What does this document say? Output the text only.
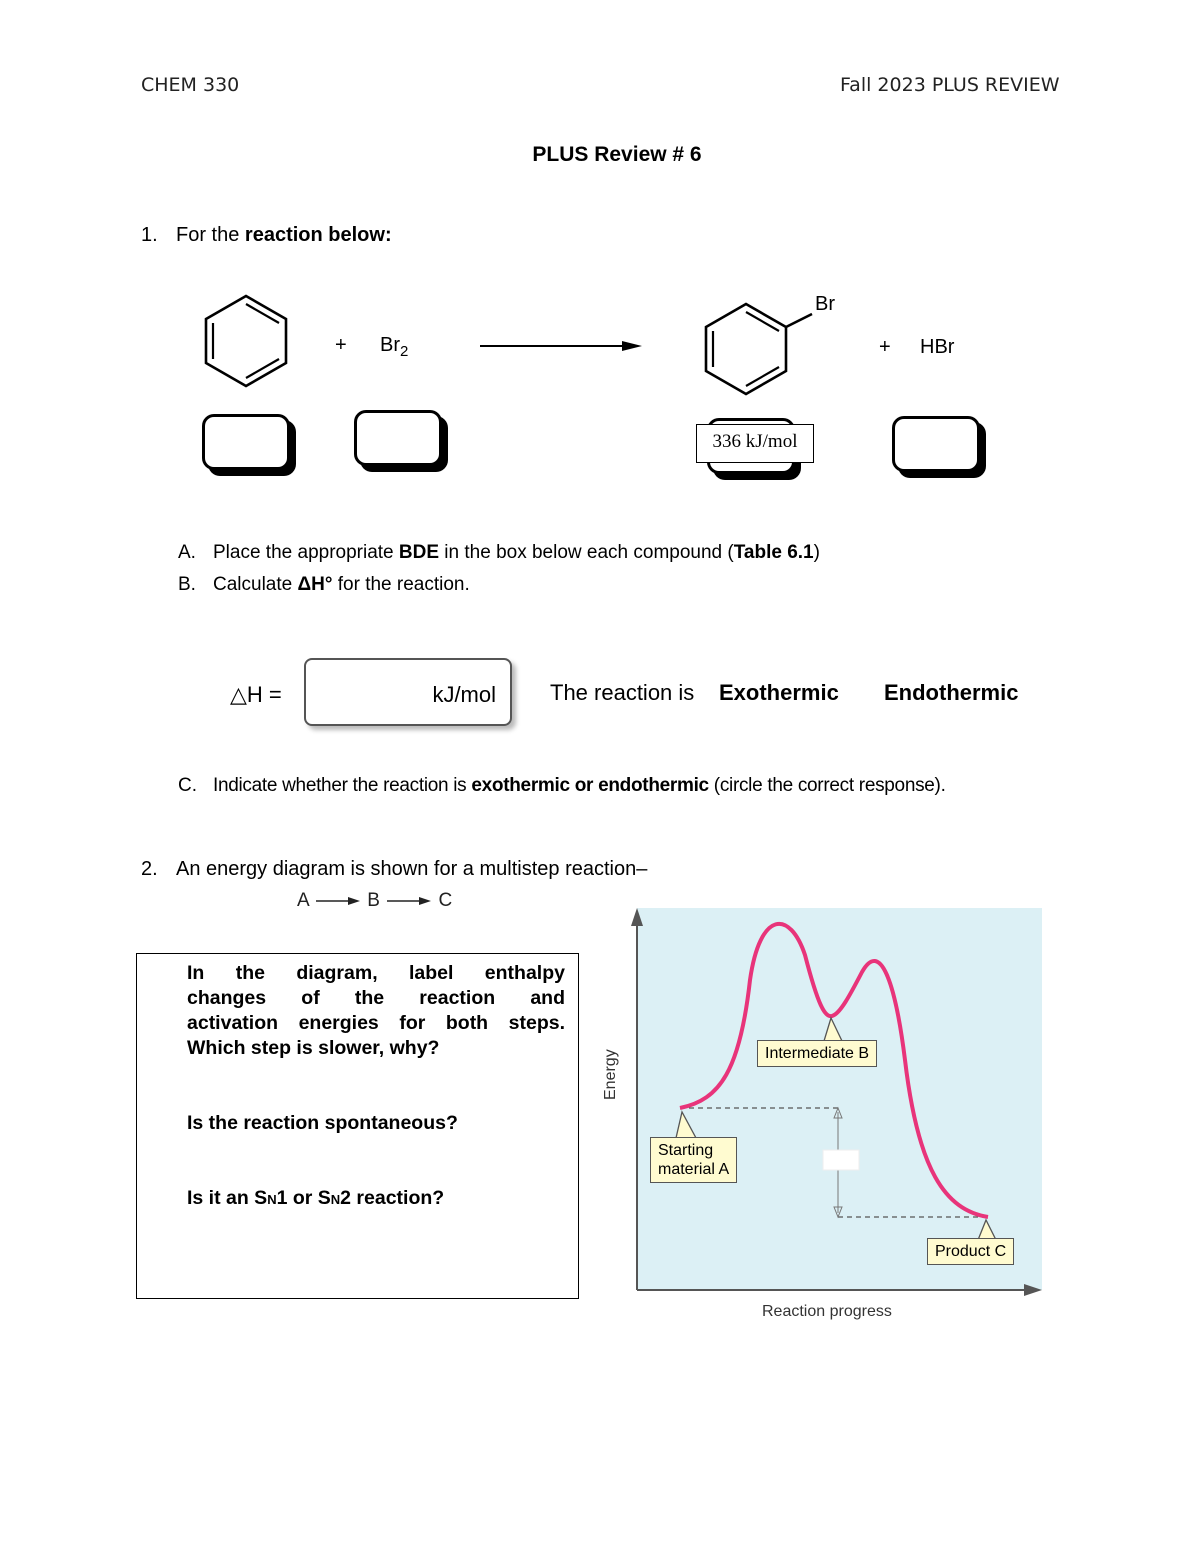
CHEM 330	Fall 2023 PLUS REVIEW
PLUS Review # 6
1. For the reaction below:
+ $Br_2$
Br
+ HBr
336 kJ/mol
A. Place the appropriate BDE in the box below each compound (Table 6.1)
B. Calculate ΔH° for the reaction.
△H =	kJ/mol The reaction is Exothermic Endothermic
C. Indicate whether the reaction is exothermic or endothermic (circle the correct response).
2. An energy diagram is shown for a multistep reaction–
A	B	C
In the diagram, label enthalpy
changes of the reaction and
activation energies for both steps.
Which step is slower, why?
Is the reaction spontaneous?
Is it an SN1 or SN2 reaction?
Energy
Reaction progress
Intermediate B
Starting
material A
Product C
